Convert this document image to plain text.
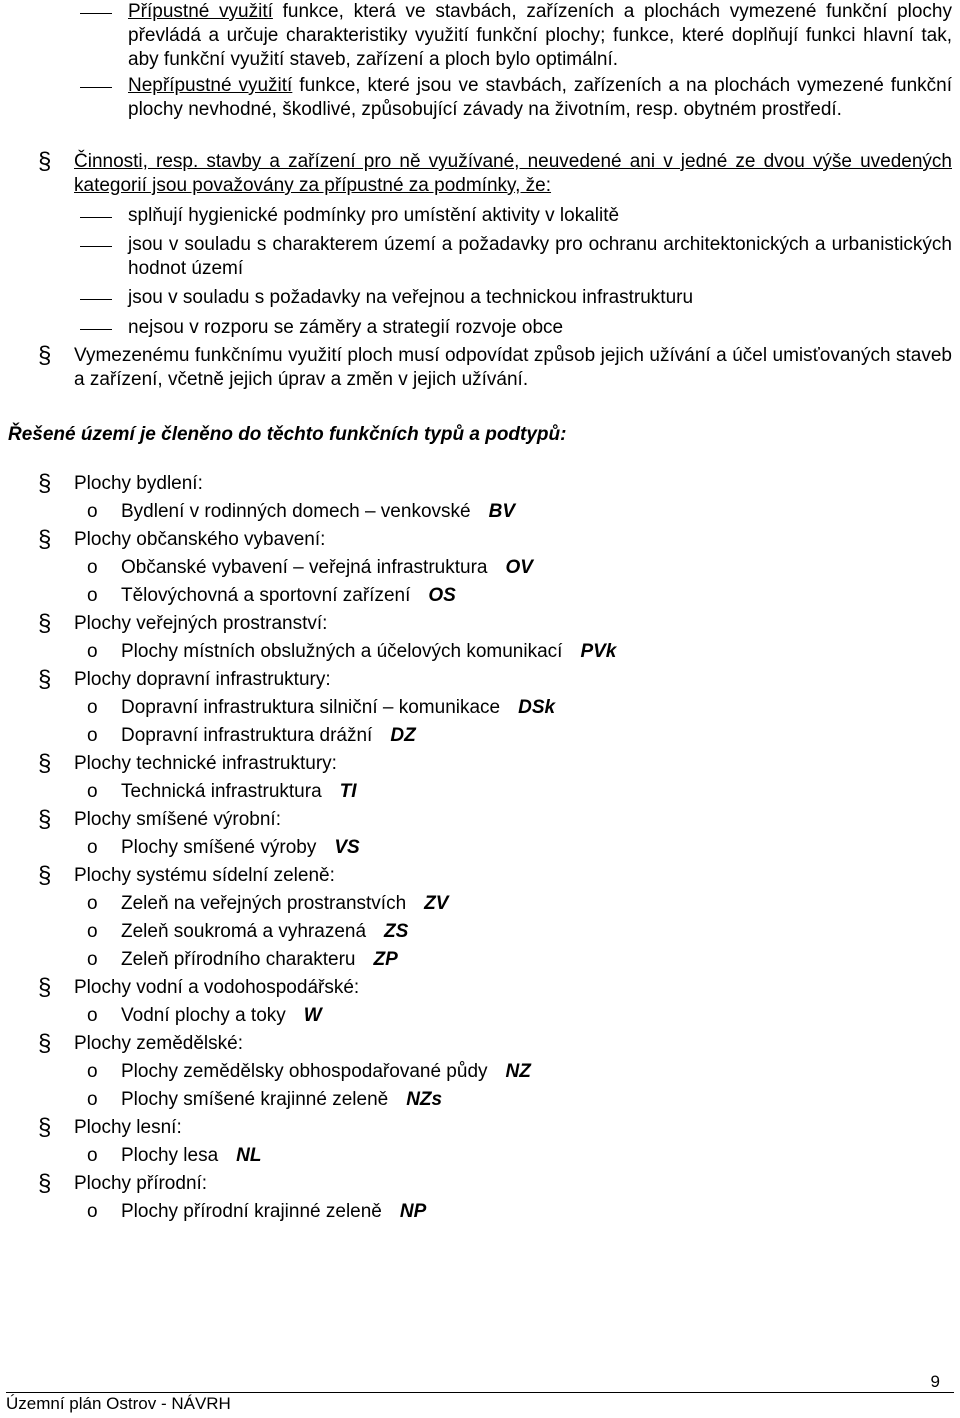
Přípustné využití funkce, která ve stavbách, zařízeních a plochách vymezené funkční plochy převládá a určuje charakteristiky využití funkční plochy; funkce, které doplňují funkci hlavní tak, aby funkční využití staveb, zařízení a ploch bylo optimální.
Nepřípustné využití funkce, které jsou ve stavbách, zařízeních a na plochách vymezené funkční plochy nevhodné, škodlivé, způsobující závady na životním, resp. obytném prostředí.
§ Činnosti, resp. stavby a zařízení pro ně využívané, neuvedené ani v jedné ze dvou výše uvedených kategorií jsou považovány za přípustné za podmínky, že:
splňují hygienické podmínky pro umístění aktivity v lokalitě
jsou v souladu s charakterem území a požadavky pro ochranu architektonických a urbanistických hodnot území
jsou v souladu s požadavky na veřejnou a technickou infrastrukturu
nejsou v rozporu se záměry a strategií rozvoje obce
§ Vymezenému funkčnímu využití ploch musí odpovídat způsob jejich užívání a účel umisťovaných staveb a zařízení, včetně jejich úprav a změn v jejich užívání.
Řešené území je členěno do těchto funkčních typů a podtypů:
§ Plochy bydlení:
o Bydlení v rodinných domech – venkovské BV
§ Plochy občanského vybavení:
o Občanské vybavení – veřejná infrastruktura OV
o Tělovýchovná a sportovní zařízení OS
§ Plochy veřejných prostranství:
o Plochy místních obslužných a účelových komunikací PVk
§ Plochy dopravní infrastruktury:
o Dopravní infrastruktura silniční – komunikace DSk
o Dopravní infrastruktura drážní DZ
§ Plochy technické infrastruktury:
o Technická infrastruktura TI
§ Plochy smíšené výrobní:
o Plochy smíšené výroby VS
§ Plochy systému sídelní zeleně:
o Zeleň na veřejných prostranstvích ZV
o Zeleň soukromá a vyhrazená ZS
o Zeleň přírodního charakteru ZP
§ Plochy vodní a vodohospodářské:
o Vodní plochy a toky W
§ Plochy zemědělské:
o Plochy zemědělsky obhospodařované půdy NZ
o Plochy smíšené krajinné zeleně NZs
§ Plochy lesní:
o Plochy lesa NL
§ Plochy přírodní:
o Plochy přírodní krajinné zeleně NP
9
Územní plán Ostrov - NÁVRH
